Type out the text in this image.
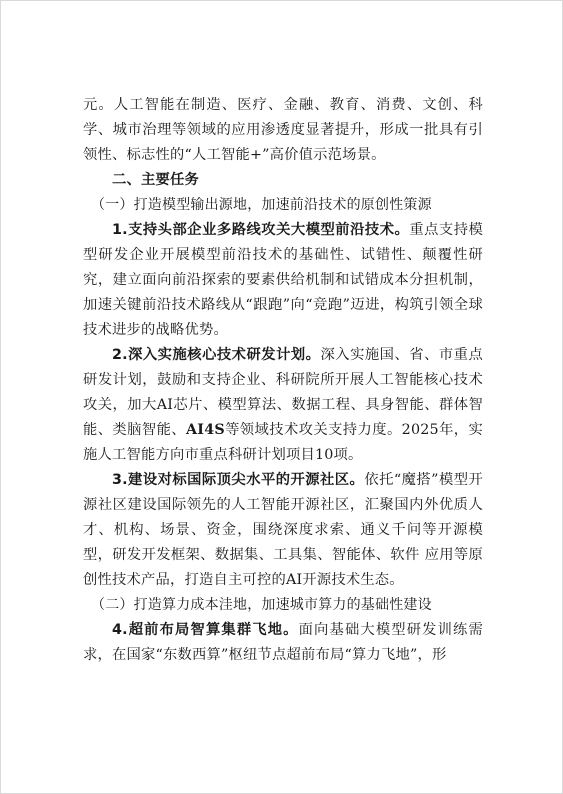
元。人工智能在制造、医疗、金融、教育、消费、文创、科学、城市治理等领域的应用渗透度显著提升，形成一批具有引领性、标志性的“人工智能+”高价值示范场景。

二、主要任务

（一）打造模型输出源地，加速前沿技术的原创性策源

1.支持头部企业多路线攻关大模型前沿技术。重点支持模型研发企业开展模型前沿技术的基础性、试错性、颠覆性研究，建立面向前沿探索的要素供给机制和试错成本分担机制，加速关键前沿技术路线从“跟跑”向“竞跑”迈进，构筑引领全球技术进步的战略优势。

2.深入实施核心技术研发计划。深入实施国、省、市重点研发计划，鼓励和支持企业、科研院所开展人工智能核心技术攻关，加大AI芯片、模型算法、数据工程、具身智能、群体智能、类脑智能、AI4S等领域技术攻关支持力度。2025年，实施人工智能方向市重点科研计划项目10项。

3.建设对标国际顶尖水平的开源社区。依托“魔搭”模型开源社区建设国际领先的人工智能开源社区，汇聚国内外优质人才、机构、场景、资金，围绕深度求索、通义千问等开源模型，研发开发框架、数据集、工具集、智能体、软件 应用等原创性技术产品，打造自主可控的AI开源技术生态。

（二）打造算力成本洼地，加速城市算力的基础性建设

4.超前布局智算集群飞地。面向基础大模型研发训练需求，在国家“东数西算”枢纽节点超前布局“算力飞地”，形
